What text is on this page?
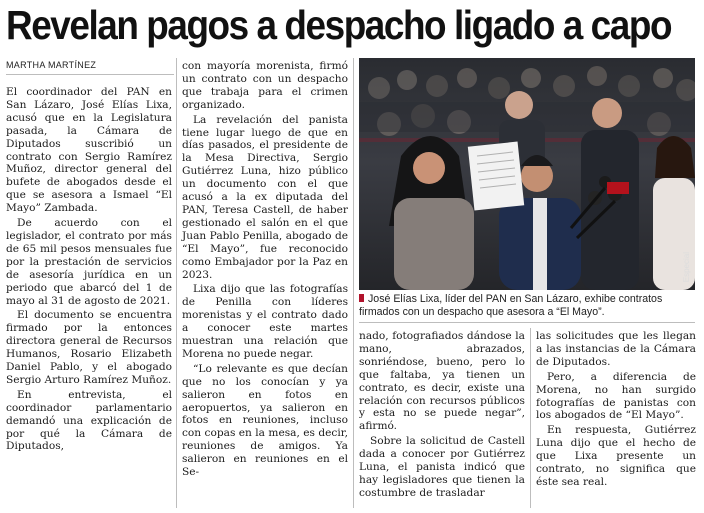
Revelan pagos a despacho ligado a capo
MARTHA MARTÍNEZ

El coordinador del PAN en San Lázaro, José Elías Lixa, acusó que en la Legislatura pasada, la Cámara de Diputados suscribió un contrato con Sergio Ramírez Muñoz, director general del bufete de abogados desde el que se asesora a Ismael “El Mayo” Zambada.

De acuerdo con el legislador, el contrato por más de 65 mil pesos mensuales fue por la prestación de servicios de asesoría jurídica en un periodo que abarcó del 1 de mayo al 31 de agosto de 2021.

El documento se encuentra firmado por la entonces directora general de Recursos Humanos, Rosario Elizabeth Daniel Pablo, y el abogado Sergio Arturo Ramírez Muñoz.

En entrevista, el coordinador parlamentario demandó una explicación de por qué la Cámara de Diputados,

con mayoría morenista, firmó un contrato con un despacho que trabaja para el crimen organizado.

La revelación del panista tiene lugar luego de que en días pasados, el presidente de la Mesa Directiva, Sergio Gutiérrez Luna, hizo público un documento con el que acusó a la ex diputada del PAN, Teresa Castell, de haber gestionado el salón en el que Juan Pablo Penilla, abogado de “El Mayo”, fue reconocido como Embajador por la Paz en 2023.

Lixa dijo que las fotografías de Penilla con líderes morenistas y el contrato dado a conocer este martes muestran una relación que Morena no puede negar.

“Lo relevante es que decían que no los conocían y ya salieron en fotos en aeropuertos, ya salieron en fotos en reuniones, incluso con copas en la mesa, es decir, reuniones de amigos. Ya salieron en reuniones en el Se-

Especial
José Elías Lixa, líder del PAN en San Lázaro, exhibe contratos firmados con un despacho que asesora a “El Mayo”.

nado, fotografiados dándose la mano, abrazados, sonriéndose, bueno, pero lo que faltaba, ya tienen un contrato, es decir, existe una relación con recursos públicos y esta no se puede negar”, afirmó.

Sobre la solicitud de Castell dada a conocer por Gutiérrez Luna, el panista indicó que hay legisladores que tienen la costumbre de trasladar

las solicitudes que les llegan a las instancias de la Cámara de Diputados.

Pero, a diferencia de Morena, no han surgido fotografías de panistas con los abogados de “El Mayo”.

En respuesta, Gutiérrez Luna dijo que el hecho de que Lixa presente un contrato, no significa que éste sea real.
